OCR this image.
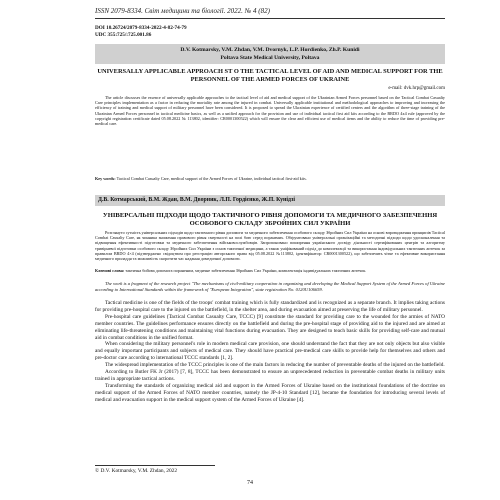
ISSN 2079-8334. Світ медицини та біології. 2022. № 4 (82)
DOI 10.26724/2079-8334-2022-4-82-74-79
UDC 355:725/:725.001.86
D.V. Kotmarsky, V.M. Zhdan, V.M. Dvornyk, L.P. Hordienko, Zh.P. Kunidi
Poltava State Medical University, Poltava
UNIVERSALLY APPLICABLE APPROACH ST O THE TACTICAL LEVEL OF AID AND MEDICAL SUPPORT FOR THE PERSONNEL OF THE ARMED FORCES OF UKRAINE
e-mail: dvk.hrp@gmail.com
The article discusses the essence of universally applicable approaches to the tactical level of aid and medical support of the Ukrainian Armed Forces personnel based on the Tactical Combat Casualty Care principles implementation as a factor in reducing the mortality rate among the injured in combat. Universally applicable institutional and methodological approaches to improving and increasing the efficiency of training and medical support of military personnel have been considered. It is proposed to spread the Ukrainian experience of certified centers and the algorithm of three-stage training of the Ukrainian Armed Forces personnel in tactical medicine basics, as well as a unified approach for the provision and use of individual tactical first aid kits according to the BRDO 4x4 rule (approved by the copyright registration certificate dated 05.08.2022 № 113802, identifier: CR0001300522) which will ensure the clear and efficient use of medical items and the ability to reduce the time of providing pre-medical care.
Key words: Tactical Combat Casualty Care, medical support of the Armed Forces of Ukraine, individual tactical first-aid kits.
Д.В. Котмарський, В.М. Ждан, В.М. Дворник, Л.П. Гордієнко, Ж.П. Кунідзі
УНІВЕРСАЛЬНІ ПІДХОДИ ЩОДО ТАКТИЧНОГО РІВНЯ ДОПОМОГИ ТА МЕДИЧНОГО ЗАБЕЗПЕЧЕННЯ ОСОБОВОГО СКЛАДУ ЗБРОЙНИХ СИЛ УКРАЇНИ
Розглянуто сутність універсальних підходів щодо тактичного рівня допомоги та медичного забезпечення особового складу Збройних Сил України на основі впровадження принципів Tactical Combat Casualty Care, як чинника зниження правового рівня смертності на полі бою серед поранених. Обґрунтовано універсальні організаційні та методичні підходи щодо удосконалення та підвищення ефективності підготовки та медичного забезпечення військовослужбовців. Запропоновано поширення українського досвіду діяльності сертифікованих центрів та алгоритму тривірневої підготовки особового складу Збройних Сил України з основ тактичної медицини, а також уніфікований підхід до комплектації та використання індивідуальних тактичних аптечок за правилом BRDO 4×4 (підтверджено свідоцтвом про реєстрацію авторського права від 05.08.2022 №113802, ідентифікатор: CR0001300522), що забезпечить чітке та ефективне використання медичного приладдя та можливість скоротити час надання домедичної допомоги.
Ключові слова: тактична бойова допомога пораненим, медичне забезпечення Збройних Сил України, комплектація індивідуальних тактичних аптечок.
The work is a fragment of the research project "The mechanisms of civil-military cooperation in organizing and developing the Medical Support System of the Armed Forces of Ukraine according to International Standards within the framework of "European Integration", state registration No. 0120U106659.

Tactical medicine is one of the fields of the troops' combat training which is fully standardized and is recognized as a separate branch. It implies taking actions for providing pre-hospital care to the injured on the battlefield, in the shelter area, and during evacuation aimed at preserving the life of military personnel.

Pre-hospital care guidelines (Tactical Combat Casualty Care, TCCC) [9] constitute the standard for providing care to the wounded for the armies of NATO member countries. The guidelines performance ensures directly on the battlefield and during the pre-hospital stage of providing aid to the injured and are aimed at eliminating life-threatening conditions and maintaining vital functions during evacuation. They are designed to teach basic skills for providing self-care and mutual aid in combat conditions in the unified format.

When considering the military personnel's role in modern medical care provision, one should understand the fact that they are not only objects but also visible and equally important participants and subjects of medical care. They should have practical pre-medical care skills to provide help for themselves and others and pre-doctor care according to international TCCC standards [1, 2].

The widespread implementation of the TCCC principles is one of the main factors in reducing the number of preventable deaths of the injured on the battlefield.

According to Butler FK Jr (2017) [7, 8], TCCC has been demonstrated to ensure an unprecedented reduction in preventable combat deaths in military units trained in appropriate tactical actions.

Transforming the standards of organizing medical aid and support in the Armed Forces of Ukraine based on the institutional foundations of the doctrine on medical support of the Armed Forces of NATO member countries, namely the JP-4-10 Standard [12], became the foundation for introducing several levels of medical and evacuation support in the medical support system of the Armed Forces of Ukraine [4].

© D.V. Kotmarsky, V.M. Zhdan, 2022
74
